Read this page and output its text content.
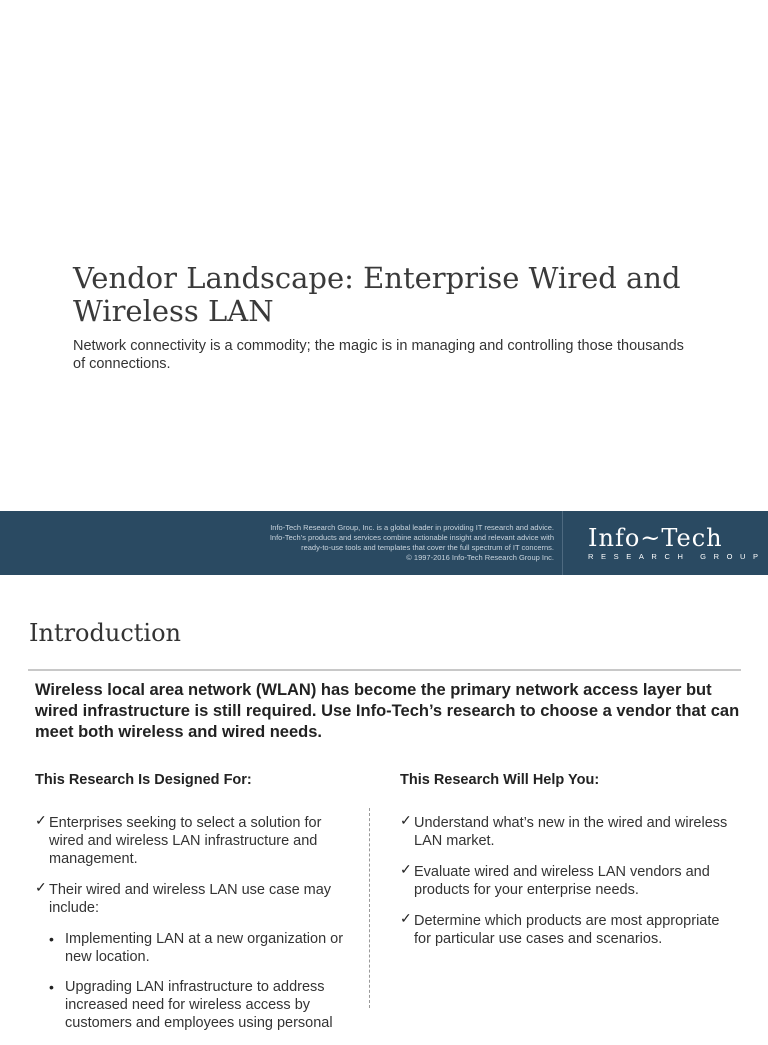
Vendor Landscape: Enterprise Wired and Wireless LAN
Network connectivity is a commodity; the magic is in managing and controlling those thousands of connections.
Info-Tech Research Group, Inc. is a global leader in providing IT research and advice.
Info-Tech’s products and services combine actionable insight and relevant advice with
ready-to-use tools and templates that cover the full spectrum of IT concerns.
© 1997-2016 Info-Tech Research Group Inc.
Info~Tech
RESEARCH GROUP
Introduction
Wireless local area network (WLAN) has become the primary network access layer but wired infrastructure is still required. Use Info-Tech’s research to choose a vendor that can meet both wireless and wired needs.
This Research Is Designed For:	This Research Will Help You:
✓ Enterprises seeking to select a solution for wired and wireless LAN infrastructure and management.
✓ Their wired and wireless LAN use case may include:
• Implementing LAN at a new organization or new location.
• Upgrading LAN infrastructure to address increased need for wireless access by customers and employees using personal
✓ Understand what’s new in the wired and wireless LAN market.
✓ Evaluate wired and wireless LAN vendors and products for your enterprise needs.
✓ Determine which products are most appropriate for particular use cases and scenarios.
